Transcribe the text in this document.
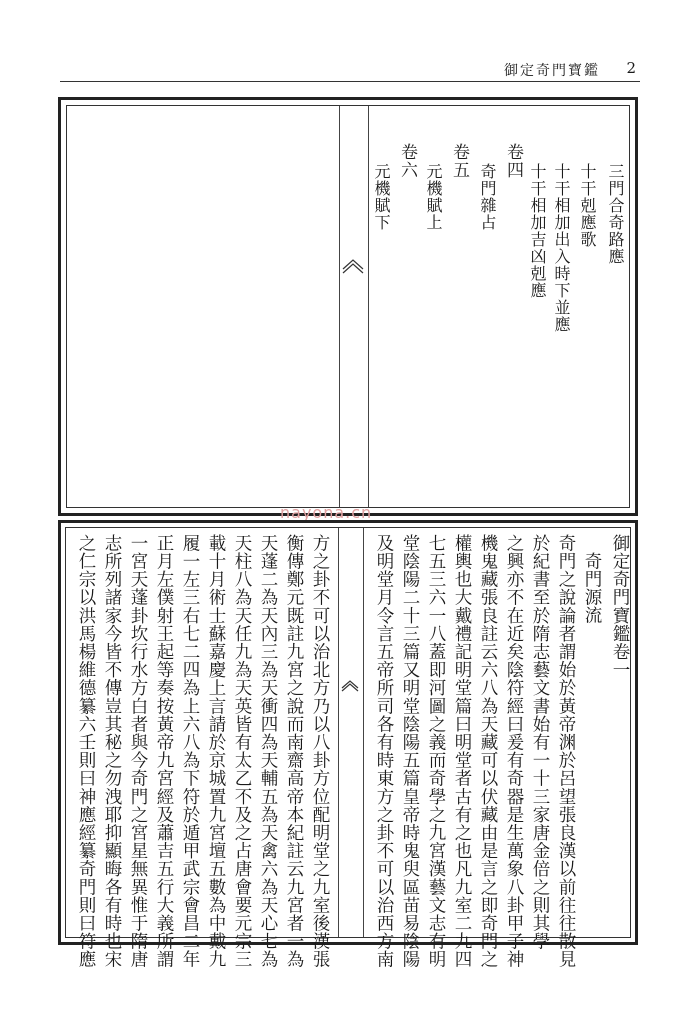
御定奇門寶鑑 2
三門合奇路應
十干剋應歌
十干相加出入時下並應
十干相加吉凶剋應
卷四
奇門雜占
卷五
元機賦上
卷六
元機賦下
nayona.cn
御定奇門寶鑑卷一
奇門源流
奇門之說論者謂始於黃帝渊於呂望張良漢以前往往散見
於紀書至於隋志藝文書始有一十三家唐金倍之則其學
之興亦不在近矣陰符經曰爰有奇器是生萬象八卦甲子神
機鬼藏張良註云六八為天藏可以伏藏由是言之即奇門之
權輿也大戴禮記明堂篇曰明堂者古有之也凡九室二九四
七五三六一八蓋即河圖之義而奇學之九宮漢藝文志有明
堂陰陽二十三篇又明堂陰陽五篇皇帝時鬼臾區苗易陰陽
及明堂月令言五帝所司各有時東方之卦不可以治西方南
方之卦不可以治北方乃以八卦方位配明堂之九室後漢張
衡傳鄭元既註九宮之說而南齋高帝本紀註云九宮者一為
天蓬二為天內三為天衝四為天輔五為天禽六為天心七為
天柱八為天任九為天英皆有太乙不及之占唐會要元宗三
載十月術士蘇嘉慶上言請於京城置九宮壇五數為中戴九
履一左三右七二四為上六八為下符於遁甲武宗會昌二年
正月左僕射王起等奏按黃帝九宮經及蕭吉五行大義所謂
一宮天蓬卦坎行水方白者與今奇門之宮星無異惟于隋唐
志所列諸家今皆不傳豈其秘之勿洩耶抑顯晦各有時也宋
之仁宗以洪馬楊維德纂六壬則曰神應經纂奇門則曰符應
